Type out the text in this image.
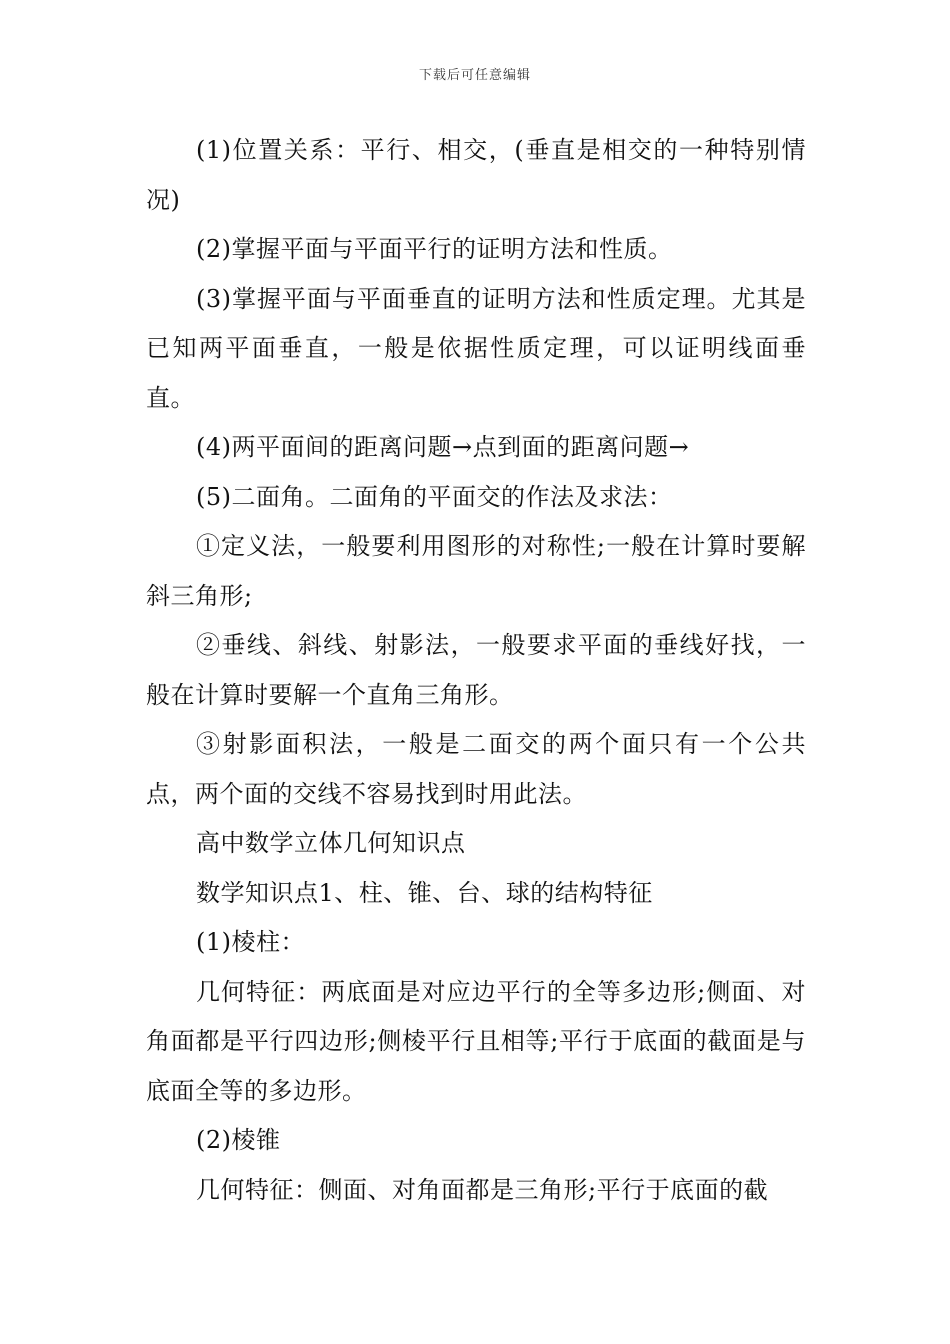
下载后可任意编辑

(1)位置关系：平行、相交，(垂直是相交的一种特别情况)

(2)掌握平面与平面平行的证明方法和性质。

(3)掌握平面与平面垂直的证明方法和性质定理。尤其是已知两平面垂直，一般是依据性质定理，可以证明线面垂直。

(4)两平面间的距离问题→点到面的距离问题→

(5)二面角。二面角的平面交的作法及求法：

①定义法，一般要利用图形的对称性;一般在计算时要解斜三角形;

②垂线、斜线、射影法，一般要求平面的垂线好找，一般在计算时要解一个直角三角形。

③射影面积法，一般是二面交的两个面只有一个公共点，两个面的交线不容易找到时用此法。

高中数学立体几何知识点

数学知识点1、柱、锥、台、球的结构特征

(1)棱柱：

几何特征：两底面是对应边平行的全等多边形;侧面、对角面都是平行四边形;侧棱平行且相等;平行于底面的截面是与底面全等的多边形。

(2)棱锥

几何特征：侧面、对角面都是三角形;平行于底面的截
